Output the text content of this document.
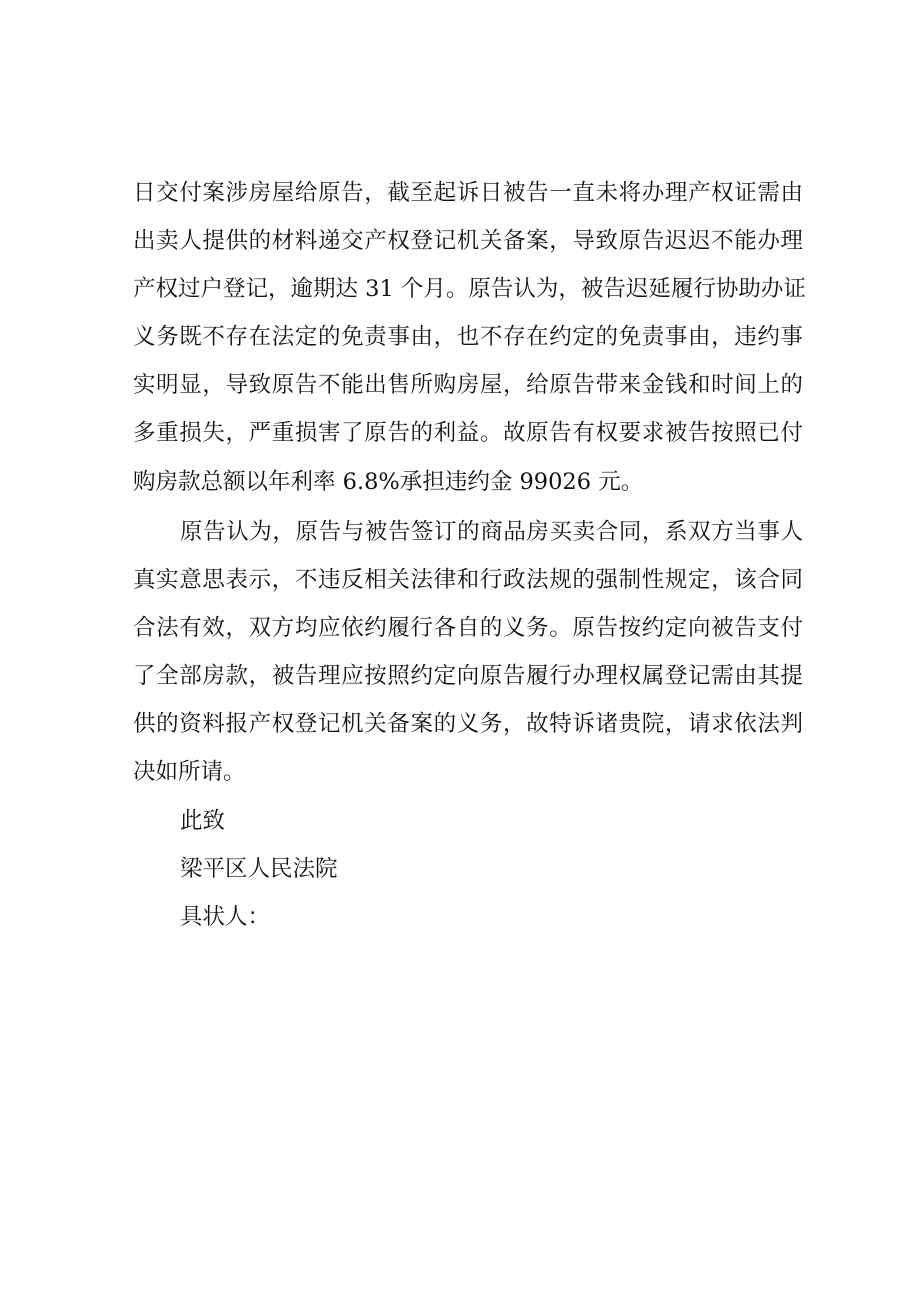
日交付案涉房屋给原告，截至起诉日被告一直未将办理产权证需由
出卖人提供的材料递交产权登记机关备案，导致原告迟迟不能办理
产权过户登记，逾期达 31 个月。原告认为，被告迟延履行协助办证
义务既不存在法定的免责事由，也不存在约定的免责事由，违约事
实明显，导致原告不能出售所购房屋，给原告带来金钱和时间上的
多重损失，严重损害了原告的利益。故原告有权要求被告按照已付
购房款总额以年利率 6.8%承担违约金 99026 元。
原告认为，原告与被告签订的商品房买卖合同，系双方当事人
真实意思表示，不违反相关法律和行政法规的强制性规定，该合同
合法有效，双方均应依约履行各自的义务。原告按约定向被告支付
了全部房款，被告理应按照约定向原告履行办理权属登记需由其提
供的资料报产权登记机关备案的义务，故特诉诸贵院，请求依法判
决如所请。
此致
梁平区人民法院
具状人：
